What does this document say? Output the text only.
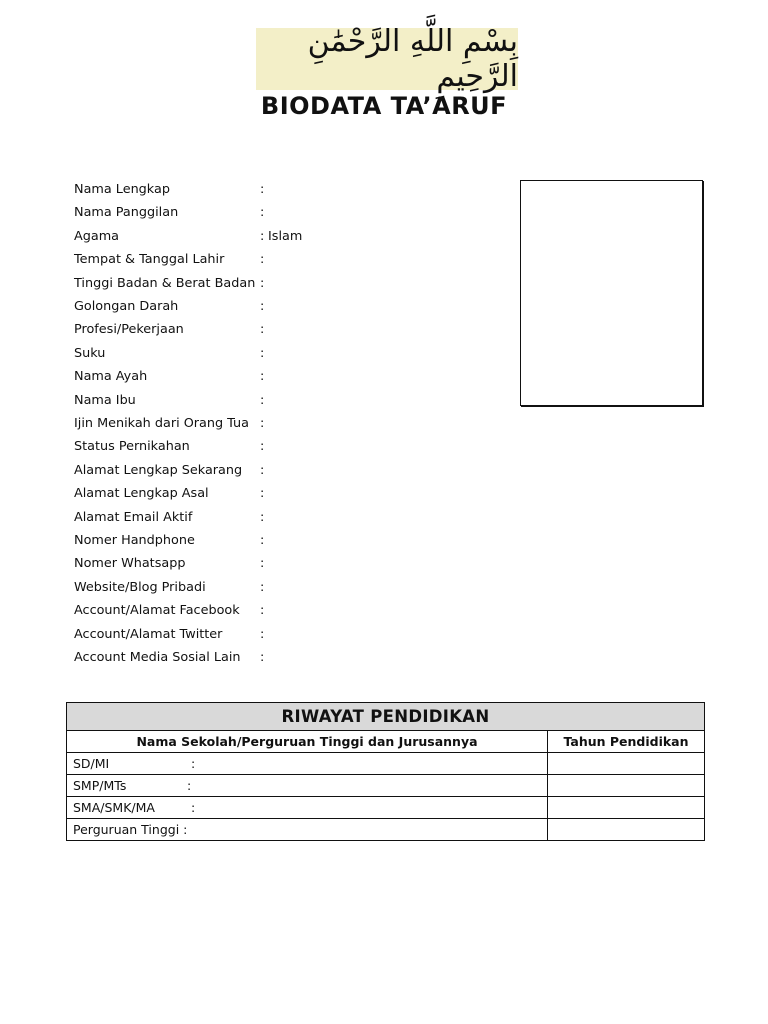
بِسْمِ اللَّهِ الرَّحْمَٰنِ الرَّحِيمِ
BIODATA TA’ARUF
Nama Lengkap	:
Nama Panggilan	:
Agama	: Islam
Tempat & Tanggal Lahir	:
Tinggi Badan & Berat Badan :
Golongan Darah	:
Profesi/Pekerjaan	:
Suku	:
Nama Ayah	:
Nama Ibu	:
Ijin Menikah dari Orang Tua :
Status Pernikahan	:
Alamat Lengkap Sekarang	:
Alamat Lengkap Asal	:
Alamat Email Aktif	:
Nomer Handphone	:
Nomer Whatsapp	:
Website/Blog Pribadi	:
Account/Alamat Facebook	:
Account/Alamat Twitter	:
Account Media Sosial Lain	:
RIWAYAT PENDIDIKAN	
Nama Sekolah/Perguruan Tinggi dan Jurusannya	Tahun Pendidikan
SD/MI :	

SMP/MTs :	

SMA/SMK/MA :	

Perguruan Tinggi :
